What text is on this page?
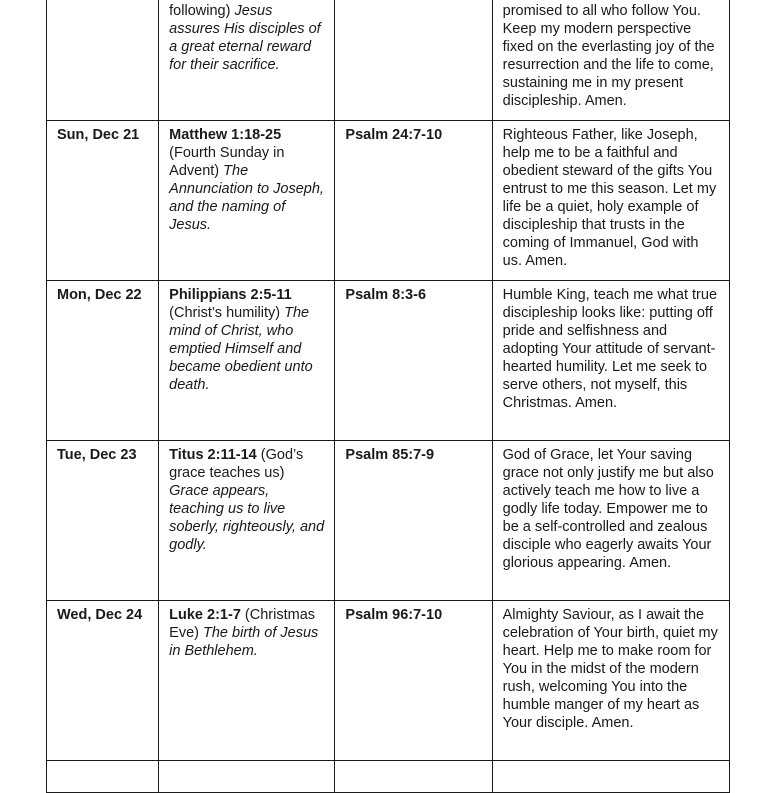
	following) Jesus assures His disciples of a great eternal reward for their sacrifice.		promised to all who follow You. Keep my modern perspective fixed on the everlasting joy of the resurrection and the life to come, sustaining me in my present discipleship. Amen.
Sun, Dec 21	Matthew 1:18-25 (Fourth Sunday in Advent) The Annunciation to Joseph, and the naming of Jesus.	Psalm 24:7-10	Righteous Father, like Joseph, help me to be a faithful and obedient steward of the gifts You entrust to me this season. Let my life be a quiet, holy example of discipleship that trusts in the coming of Immanuel, God with us. Amen.
Mon, Dec 22	Philippians 2:5-11 (Christ’s humility) The mind of Christ, who emptied Himself and became obedient unto death.	Psalm 8:3-6	Humble King, teach me what true discipleship looks like: putting off pride and selfishness and adopting Your attitude of servant-hearted humility. Let me seek to serve others, not myself, this Christmas. Amen.
Tue, Dec 23	Titus 2:11-14 (God’s grace teaches us) Grace appears, teaching us to live soberly, righteously, and godly.	Psalm 85:7-9	God of Grace, let Your saving grace not only justify me but also actively teach me how to live a godly life today. Empower me to be a self-controlled and zealous disciple who eagerly awaits Your glorious appearing. Amen.
Wed, Dec 24	Luke 2:1-7 (Christmas Eve) The birth of Jesus in Bethlehem.	Psalm 96:7-10	Almighty Saviour, as I await the celebration of Your birth, quiet my heart. Help me to make room for You in the midst of the modern rush, welcoming You into the humble manger of my heart as Your disciple. Amen.
